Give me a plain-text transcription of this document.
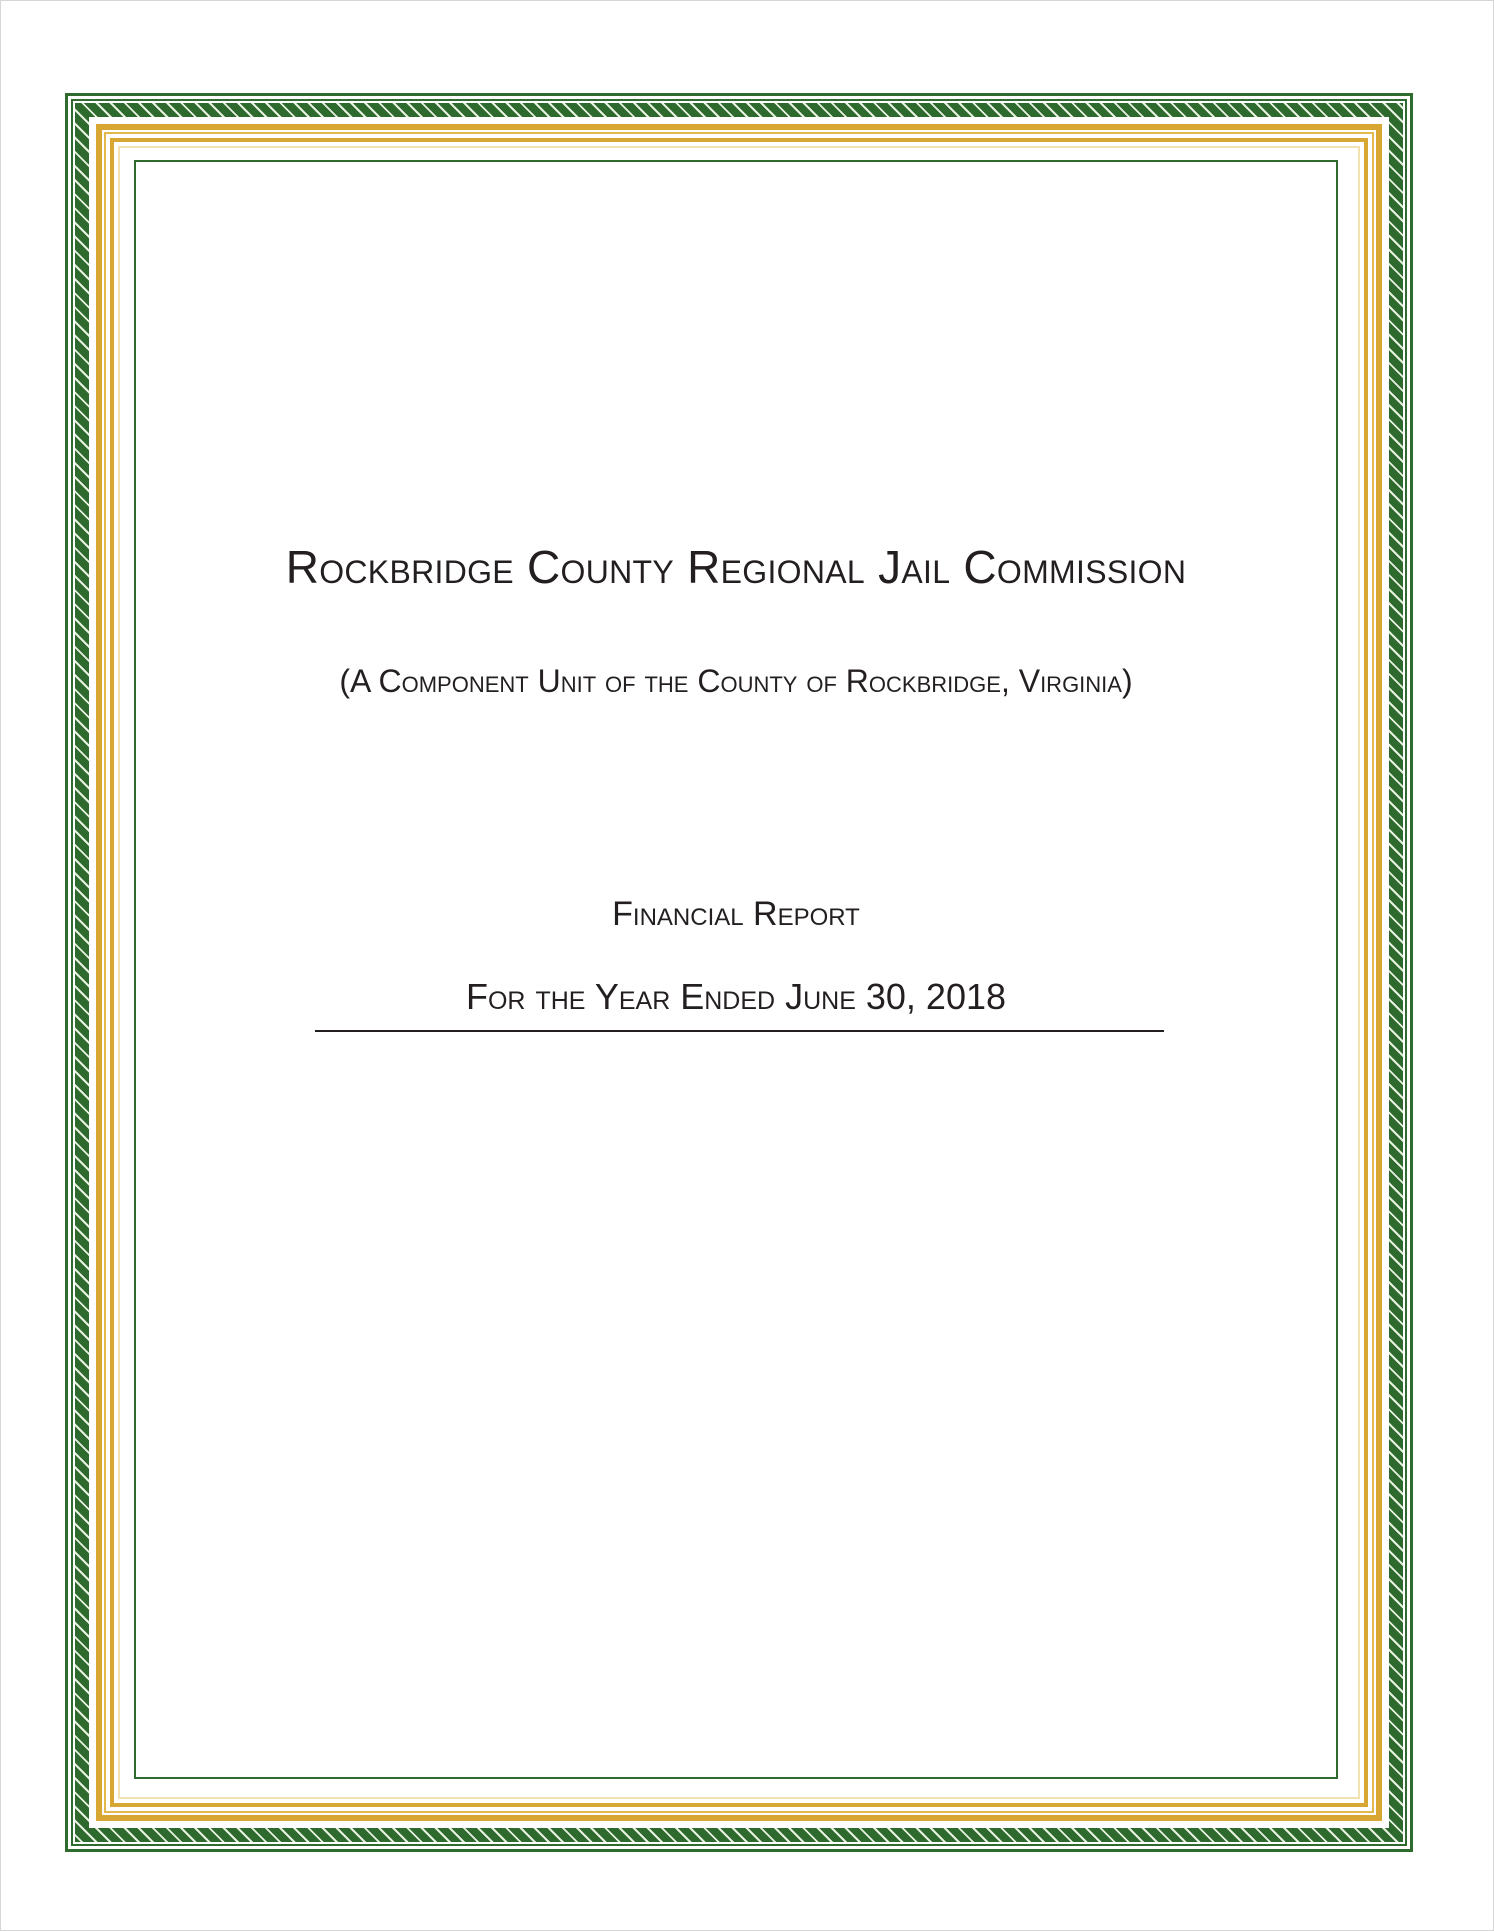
Rockbridge County Regional Jail Commission
(A Component Unit of the County of Rockbridge, Virginia)
Financial Report
For the Year Ended June 30, 2018
